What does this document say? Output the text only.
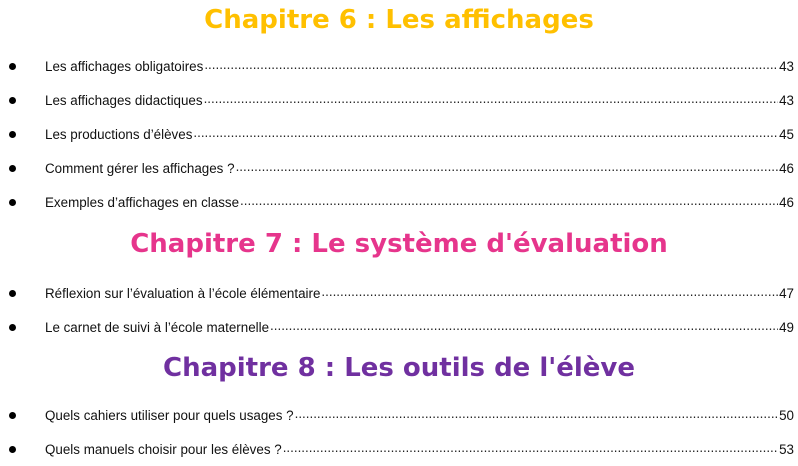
Chapitre 6 : Les affichages
Les affichages obligatoires .....	43
Les affichages didactiques .....	43
Les productions d’élèves .....	45
Comment gérer les affichages ? .....	46
Exemples d’affichages en classe .....	46
Chapitre 7 : Le système d'évaluation
Réflexion sur l’évaluation à l’école élémentaire .....	47
Le carnet de suivi à l’école maternelle .....	49
Chapitre 8 : Les outils de l'élève
Quels cahiers utiliser pour quels usages ? .....	50
Quels manuels choisir pour les élèves ? .....	53
